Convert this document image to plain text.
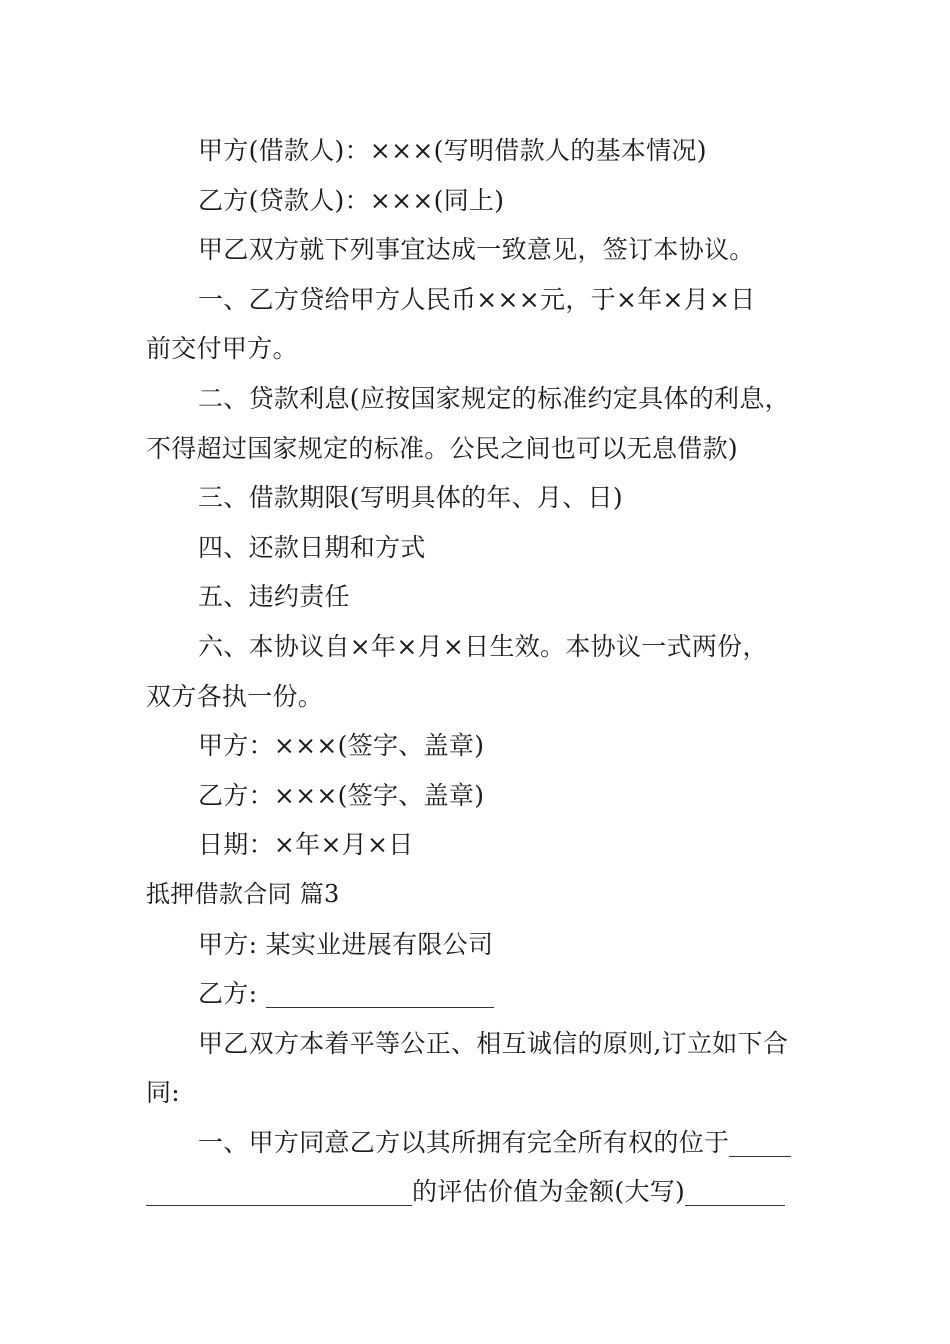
甲方(借款人)：×××(写明借款人的基本情况)
乙方(贷款人)：×××(同上)
甲乙双方就下列事宜达成一致意见，签订本协议。
一、乙方贷给甲方人民币×××元，于×年×月×日
前交付甲方。
二、贷款利息(应按国家规定的标准约定具体的利息，
不得超过国家规定的标准。公民之间也可以无息借款)
三、借款期限(写明具体的年、月、日)
四、还款日期和方式
五、违约责任
六、本协议自×年×月×日生效。本协议一式两份，
双方各执一份。
甲方：×××(签字、盖章)
乙方：×××(签字、盖章)
日期：×年×月×日
抵押借款合同 篇3
甲方: 某实业进展有限公司
乙方:
甲乙双方本着平等公正、相互诚信的原则,订立如下合
同:
一、甲方同意乙方以其所拥有完全所有权的位于
的评估价值为金额(大写)
